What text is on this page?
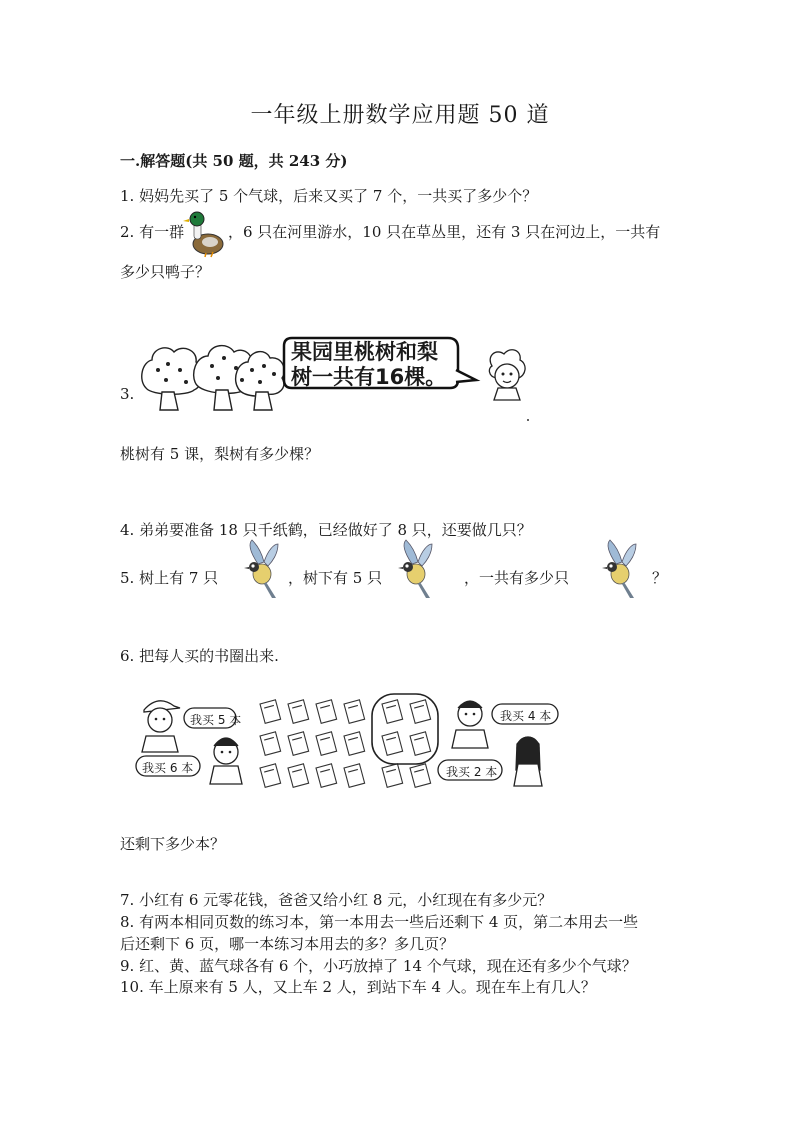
一年级上册数学应用题 50 道
一.解答题(共 50 题，共 243 分)
1. 妈妈先买了 5 个气球，后来又买了 7 个，一共买了多少个？
2. 有一群	，6 只在河里游水，10 只在草丛里，还有 3 只在河边上，一共有
多少只鸭子？
3.
果园里桃树和梨
树一共有16棵。
桃树有 5 课，梨树有多少棵？
4. 弟弟要准备 18 只千纸鹤，已经做好了 8 只，还要做几只？
5. 树上有 7 只	，树下有 5 只	，一共有多少只	？
6. 把每人买的书圈出来.
我买 5 本
我买 6 本
我买 4 本
我买 2 本
还剩下多少本？
7. 小红有 6 元零花钱，爸爸又给小红 8 元，小红现在有多少元？
8. 有两本相同页数的练习本，第一本用去一些后还剩下 4 页，第二本用去一些
后还剩下 6 页，哪一本练习本用去的多？多几页？
9. 红、黄、蓝气球各有 6 个，小巧放掉了 14 个气球，现在还有多少个气球？
10. 车上原来有 5 人，又上车 2 人，到站下车 4 人。现在车上有几人？
